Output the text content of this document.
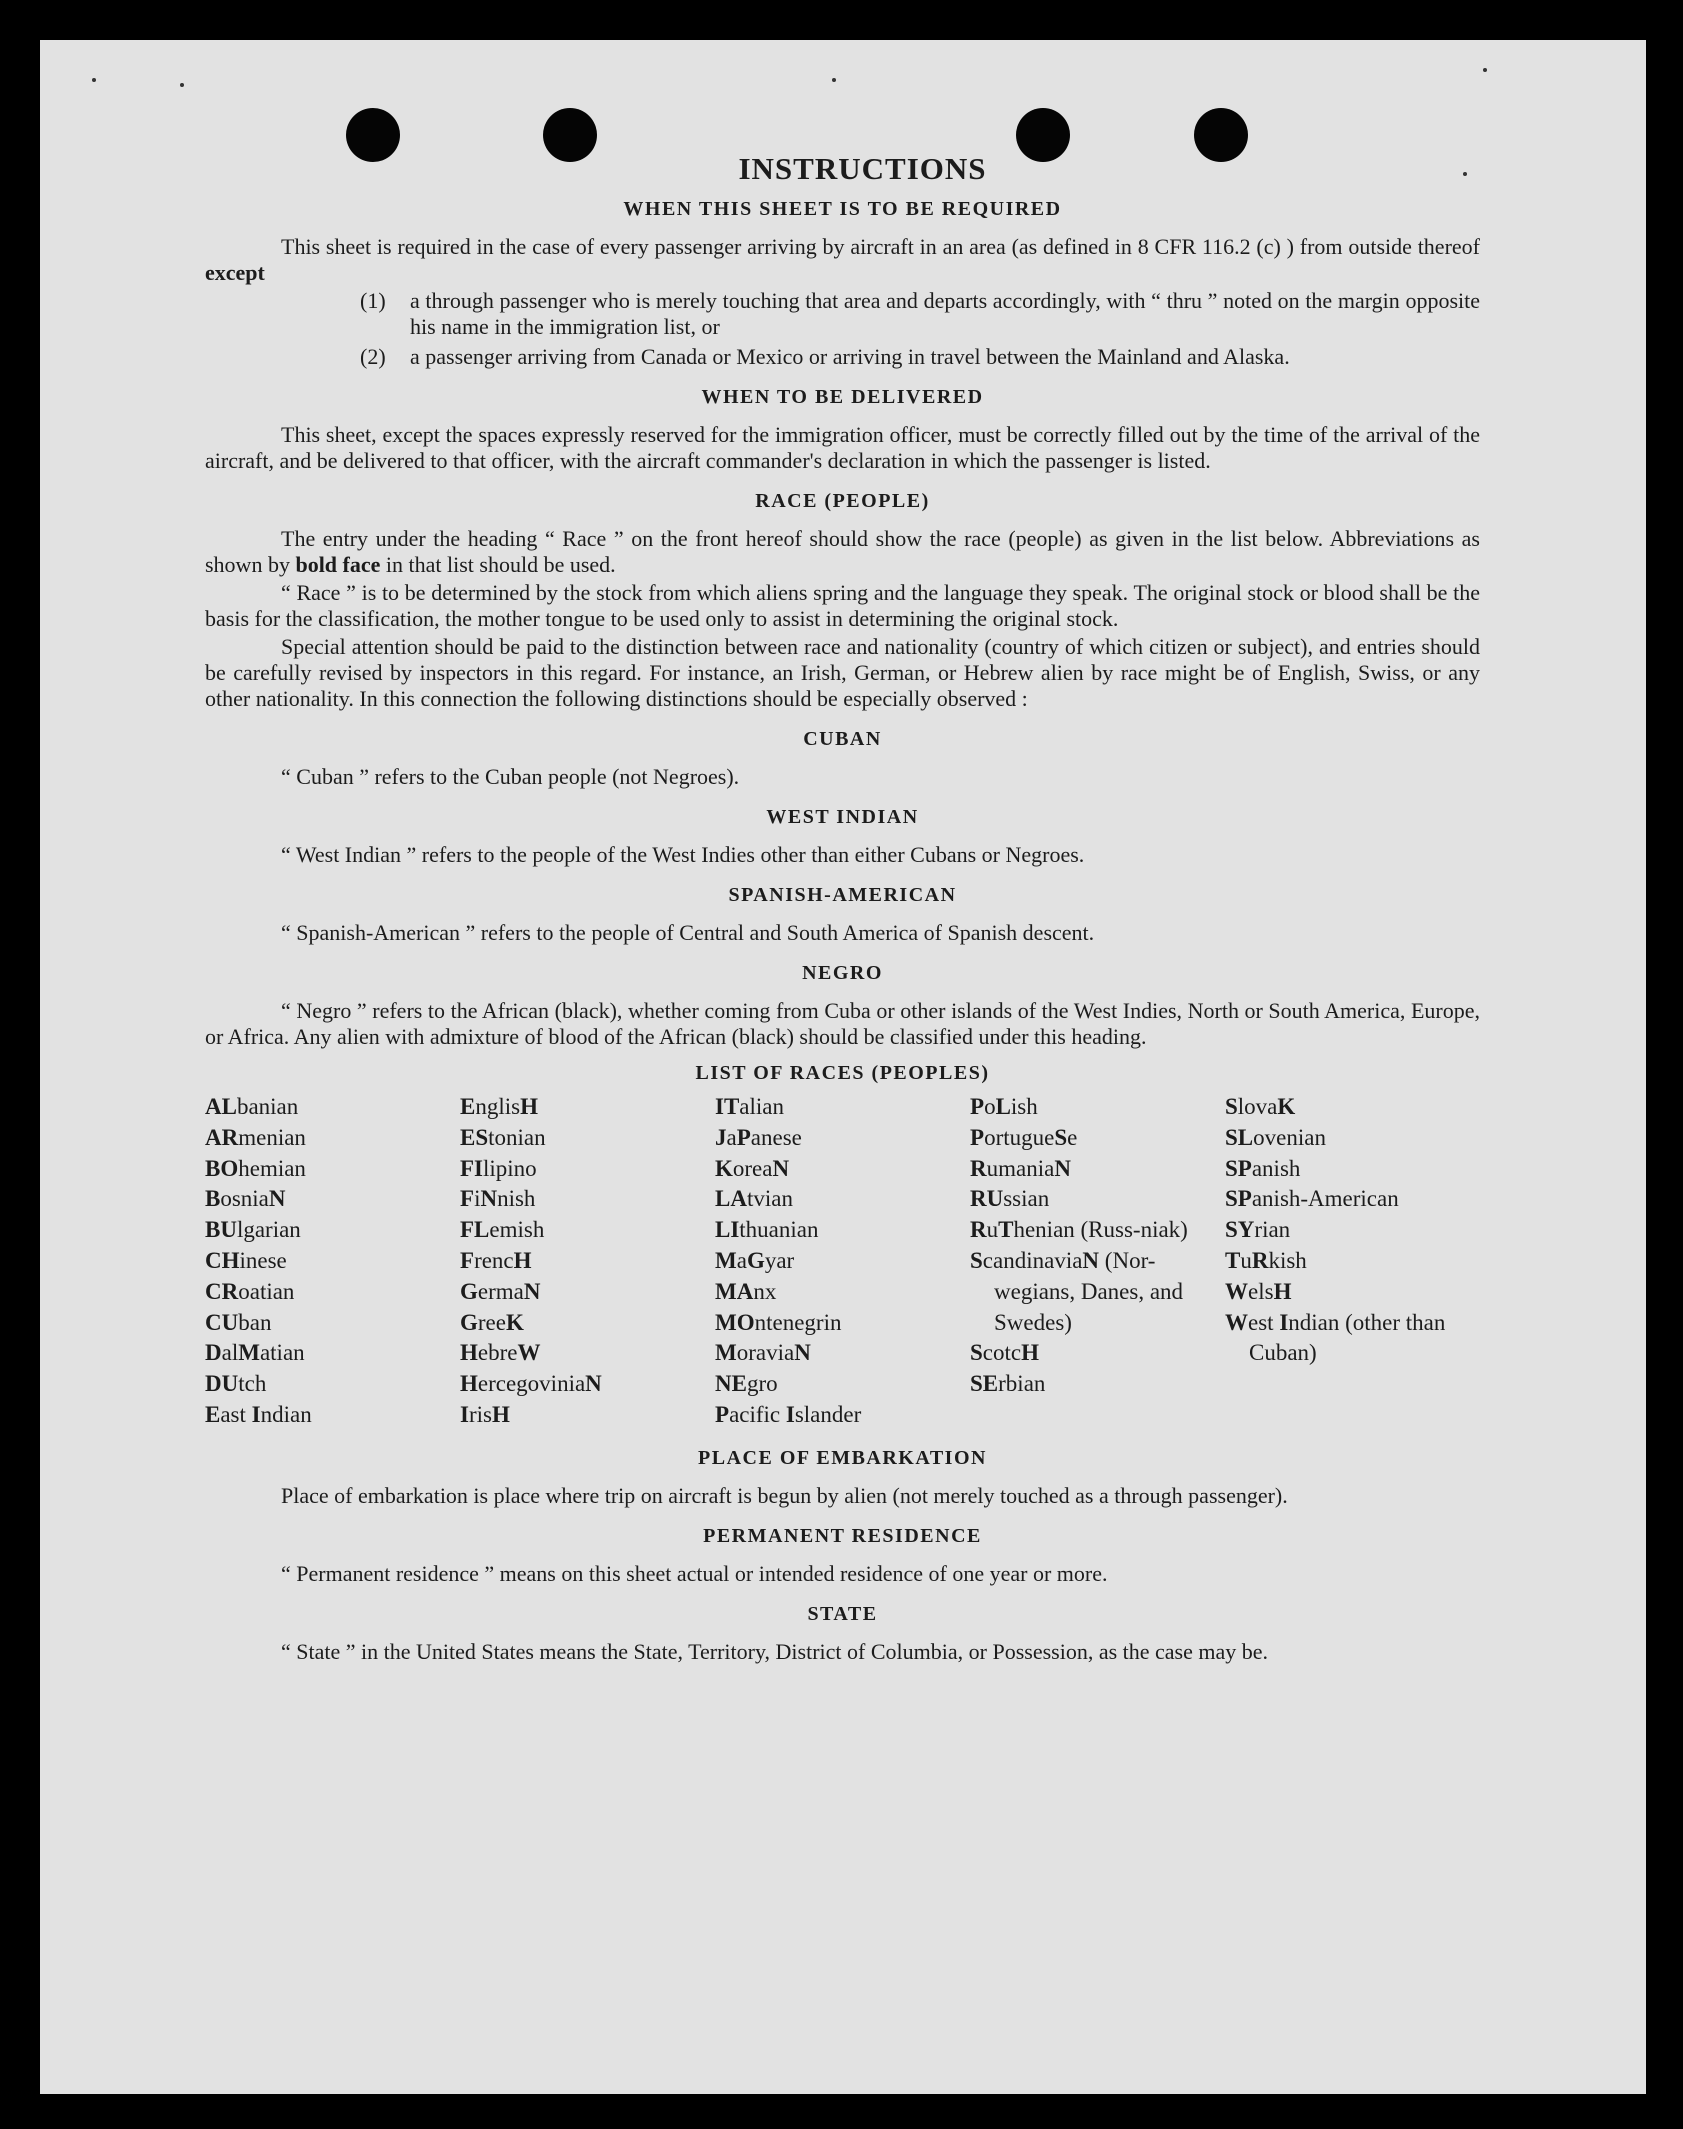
INSTRUCTIONS
WHEN THIS SHEET IS TO BE REQUIRED

This sheet is required in the case of every passenger arriving by aircraft in an area (as defined in 8 CFR 116.2 (c) ) from outside thereof except

(1)	a through passenger who is merely touching that area and departs accordingly, with “ thru ” noted on the margin opposite his name in the immigration list, or
(2)	a passenger arriving from Canada or Mexico or arriving in travel between the Mainland and Alaska.
WHEN TO BE DELIVERED

This sheet, except the spaces expressly reserved for the immigration officer, must be correctly filled out by the time of the arrival of the aircraft, and be delivered to that officer, with the aircraft commander's declaration in which the passenger is listed.

RACE (PEOPLE)

The entry under the heading “ Race ” on the front hereof should show the race (people) as given in the list below. Abbreviations as shown by bold face in that list should be used.

“ Race ” is to be determined by the stock from which aliens spring and the language they speak. The original stock or blood shall be the basis for the classification, the mother tongue to be used only to assist in determining the original stock.

Special attention should be paid to the distinction between race and nationality (country of which citizen or subject), and entries should be carefully revised by inspectors in this regard. For instance, an Irish, German, or Hebrew alien by race might be of English, Swiss, or any other nationality. In this connection the following distinctions should be especially observed :

CUBAN

“ Cuban ” refers to the Cuban people (not Negroes).

WEST INDIAN

“ West Indian ” refers to the people of the West Indies other than either Cubans or Negroes.

SPANISH-AMERICAN

“ Spanish-American ” refers to the people of Central and South America of Spanish descent.

NEGRO

“ Negro ” refers to the African (black), whether coming from Cuba or other islands of the West Indies, North or South America, Europe, or Africa. Any alien with admixture of blood of the African (black) should be classified under this heading.

LIST OF RACES (PEOPLES)
ALbanian
ARmenian
BOhemian
BosniaN
BUlgarian
CHinese
CRoatian
CUban
DalMatian
DUtch
East Indian
EnglisH
EStonian
FIlipino
FiNnish
FLemish
FrencH
GermaN
GreeK
HebreW
HercegoviniaN
IrisH
ITalian
JaPanese
KoreaN
LAtvian
LIthuanian
MaGyar
MAnx
MOntenegrin
MoraviaN
NEgro
Pacific Islander
PoLish
PortugueSe
RumaniaN
RUssian
RuThenian (Russ-niak)
ScandinaviaN (Nor-wegians, Danes, and Swedes)
ScotcH
SErbian
SlovaK
SLovenian
SPanish
SPanish-American
SYrian
TuRkish
WelsH
West Indian (other than Cuban)
PLACE OF EMBARKATION

Place of embarkation is place where trip on aircraft is begun by alien (not merely touched as a through passenger).

PERMANENT RESIDENCE

“ Permanent residence ” means on this sheet actual or intended residence of one year or more.

STATE

“ State ” in the United States means the State, Territory, District of Columbia, or Possession, as the case may be.
